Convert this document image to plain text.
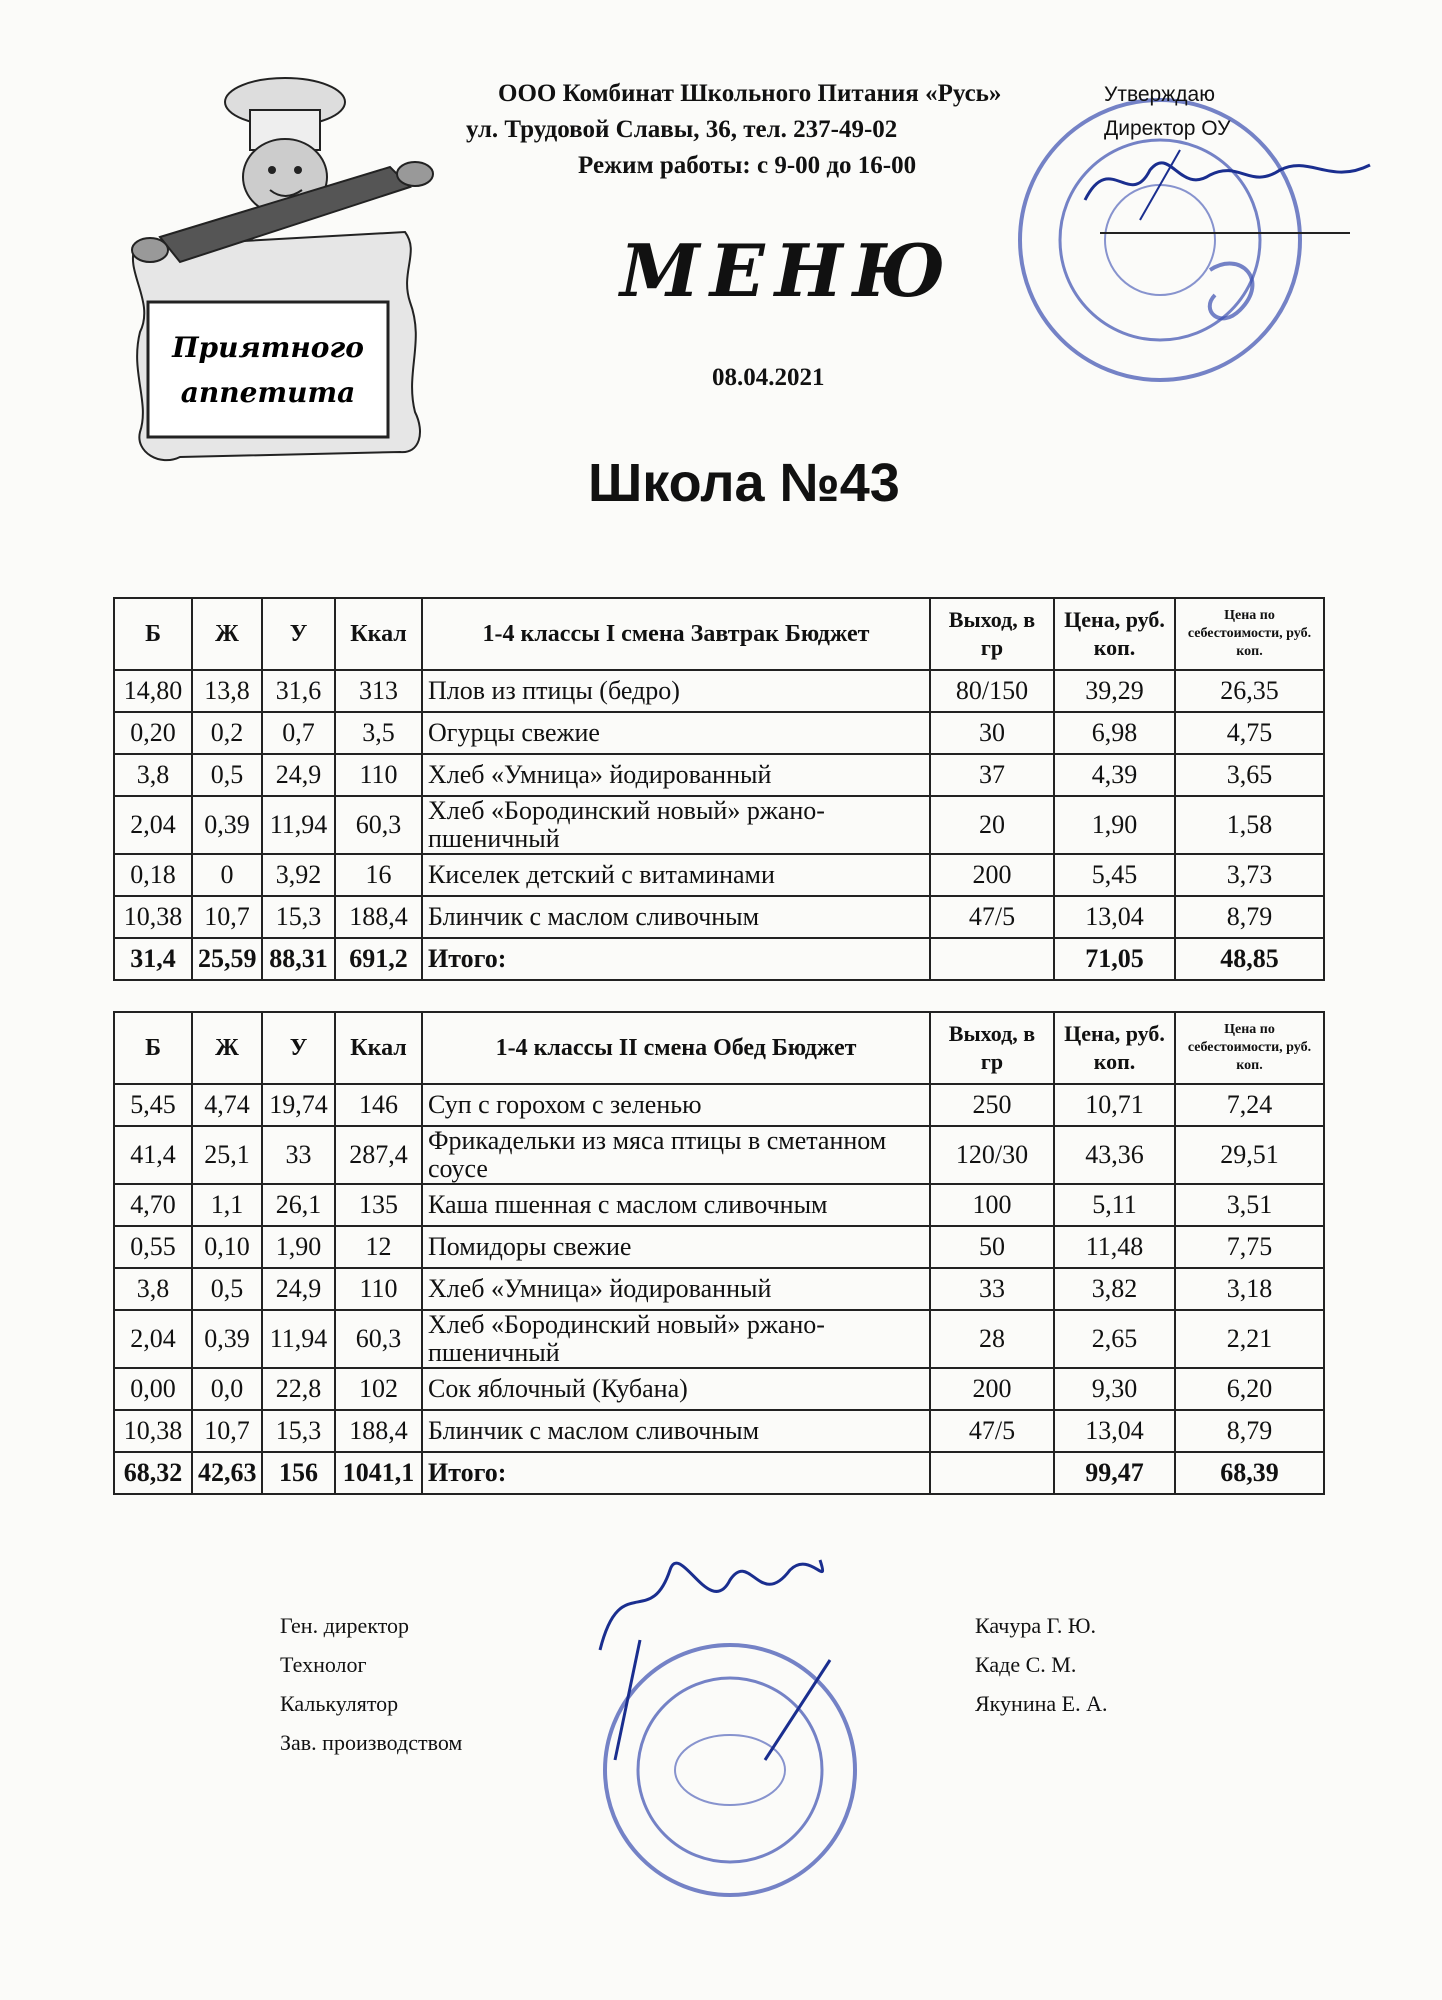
Приятного
аппетита
ООО Комбинат Школьного Питания «Русь»
ул. Трудовой Славы, 36, тел. 237-49-02
Режим работы: с 9-00 до 16-00
МЕНЮ
08.04.2021
Школа №43
Утверждаю
Директор ОУ
Б	Ж	У	Ккал	1-4 классы I смена Завтрак Бюджет	Выход, в гр	Цена, руб. коп.	Цена по себестоимости, руб. коп.
14,80	13,8	31,6	313	Плов из птицы (бедро)	80/150	39,29	26,35
0,20	0,2	0,7	3,5	Огурцы свежие	30	6,98	4,75
3,8	0,5	24,9	110	Хлеб «Умница» йодированный	37	4,39	3,65
2,04	0,39	11,94	60,3	Хлеб «Бородинский новый» ржано-пшеничный	20	1,90	1,58
0,18	0	3,92	16	Киселек детский с витаминами	200	5,45	3,73
10,38	10,7	15,3	188,4	Блинчик с маслом сливочным	47/5	13,04	8,79
31,4	25,59	88,31	691,2	Итого:		71,05	48,85

Б	Ж	У	Ккал	1-4 классы II смена Обед Бюджет	Выход, в гр	Цена, руб. коп.	Цена по себестоимости, руб. коп.
5,45	4,74	19,74	146	Суп с горохом с зеленью	250	10,71	7,24
41,4	25,1	33	287,4	Фрикадельки из мяса птицы в сметанном соусе	120/30	43,36	29,51
4,70	1,1	26,1	135	Каша пшенная с маслом сливочным	100	5,11	3,51
0,55	0,10	1,90	12	Помидоры свежие	50	11,48	7,75
3,8	0,5	24,9	110	Хлеб «Умница» йодированный	33	3,82	3,18
2,04	0,39	11,94	60,3	Хлеб «Бородинский новый» ржано-пшеничный	28	2,65	2,21
0,00	0,0	22,8	102	Сок яблочный (Кубана)	200	9,30	6,20
10,38	10,7	15,3	188,4	Блинчик с маслом сливочным	47/5	13,04	8,79
68,32	42,63	156	1041,1	Итого:		99,47	68,39
Ген. директор
Технолог
Калькулятор
Зав. производством
Качура Г. Ю.
Каде С. М.
Якунина Е. А.
